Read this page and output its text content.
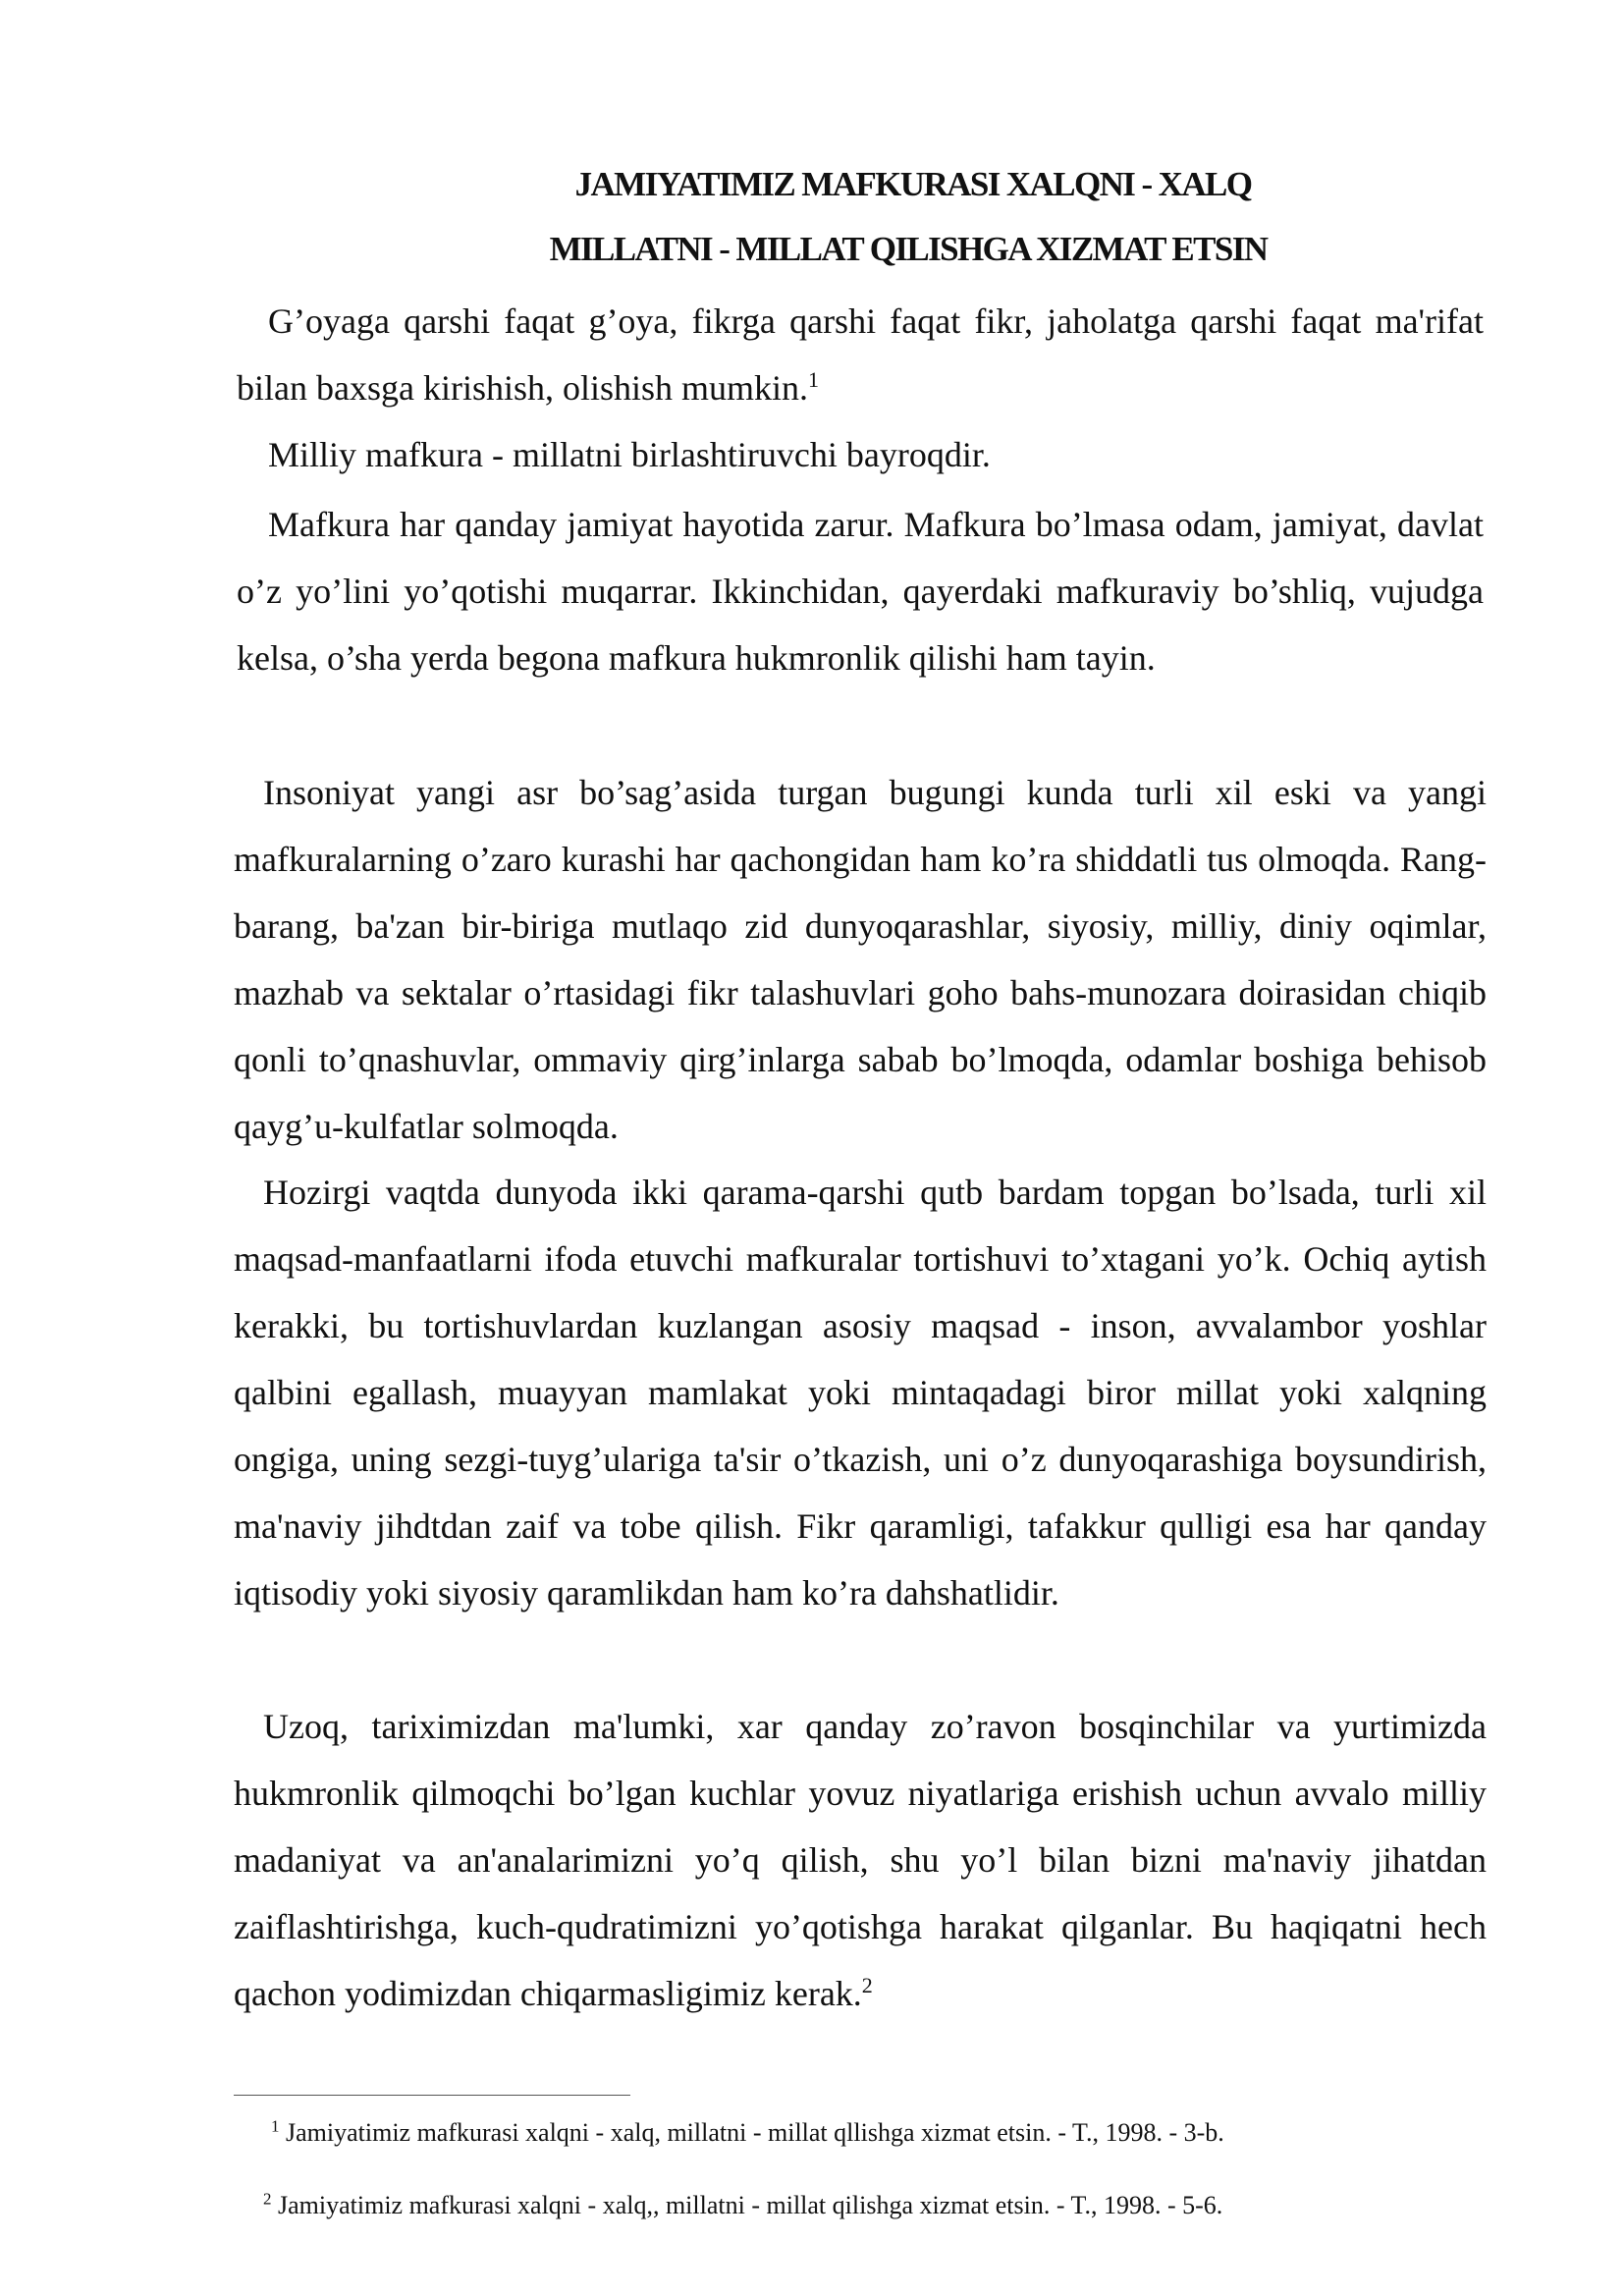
JAMIYATIMIZ MAFKURASI XALQNI - XALQ

MILLATNI - MILLAT QILISHGA XIZMAT ETSIN

G’oyaga qarshi faqat g’oya, fikrga qarshi faqat fikr, jaholatga qarshi faqat ma'rifat bilan baxsga kirishish, olishish mumkin.$^1$

Milliy mafkura - millatni birlashtiruvchi bayroqdir.

Mafkura har qanday jamiyat hayotida zarur. Mafkura bo’lmasa odam, jamiyat, davlat o’z yo’lini yo’qotishi muqarrar. Ikkinchidan, qayerdaki mafkuraviy bo’shliq, vujudga kelsa, o’sha yerda begona mafkura hukmronlik qilishi ham tayin.

Insoniyat yangi asr bo’sag’asida turgan bugungi kunda turli xil eski va yangi mafkuralarning o’zaro kurashi har qachongidan ham ko’ra shiddatli tus olmoqda. Rang-barang, ba'zan bir-biriga mutlaqo zid dunyoqarashlar, siyosiy, milliy, diniy oqimlar, mazhab va sektalar o’rtasidagi fikr talashuvlari goho bahs-munozara doirasidan chiqib qonli to’qnashuvlar, ommaviy qirg’inlarga sabab bo’lmoqda, odamlar boshiga behisob qayg’u-kulfatlar solmoqda.

Hozirgi vaqtda dunyoda ikki qarama-qarshi qutb bardam topgan bo’lsada, turli xil maqsad-manfaatlarni ifoda etuvchi mafkuralar tortishuvi to’xtagani yo’k. Ochiq aytish kerakki, bu tortishuvlardan kuzlangan asosiy maqsad - inson, avvalambor yoshlar qalbini egallash, muayyan mamlakat yoki mintaqadagi biror millat yoki xalqning ongiga, uning sezgi-tuyg’ulariga ta'sir o’tkazish, uni o’z dunyoqarashiga boysundirish, ma'naviy jihdtdan zaif va tobe qilish. Fikr qaramligi, tafakkur qulligi esa har qanday iqtisodiy yoki siyosiy qaramlikdan ham ko’ra dahshatlidir.

Uzoq, tariximizdan ma'lumki, xar qanday zo’ravon bosqinchilar va yurtimizda hukmronlik qilmoqchi bo’lgan kuchlar yovuz niyatlariga erishish uchun avvalo milliy madaniyat va an'analarimizni yo’q qilish, shu yo’l bilan bizni ma'naviy jihatdan zaiflashtirishga, kuch-qudratimizni yo’qotishga harakat qilganlar. Bu haqiqatni hech qachon yodimizdan chiqarmasligimiz kerak.$^2$

$^1$ Jamiyatimiz mafkurasi xalqni - xalq, millatni - millat qllishga xizmat etsin. - T., 1998. - 3-b.
$^2$ Jamiyatimiz mafkurasi xalqni - xalq,, millatni - millat qilishga xizmat etsin. - T., 1998. - 5-6.
